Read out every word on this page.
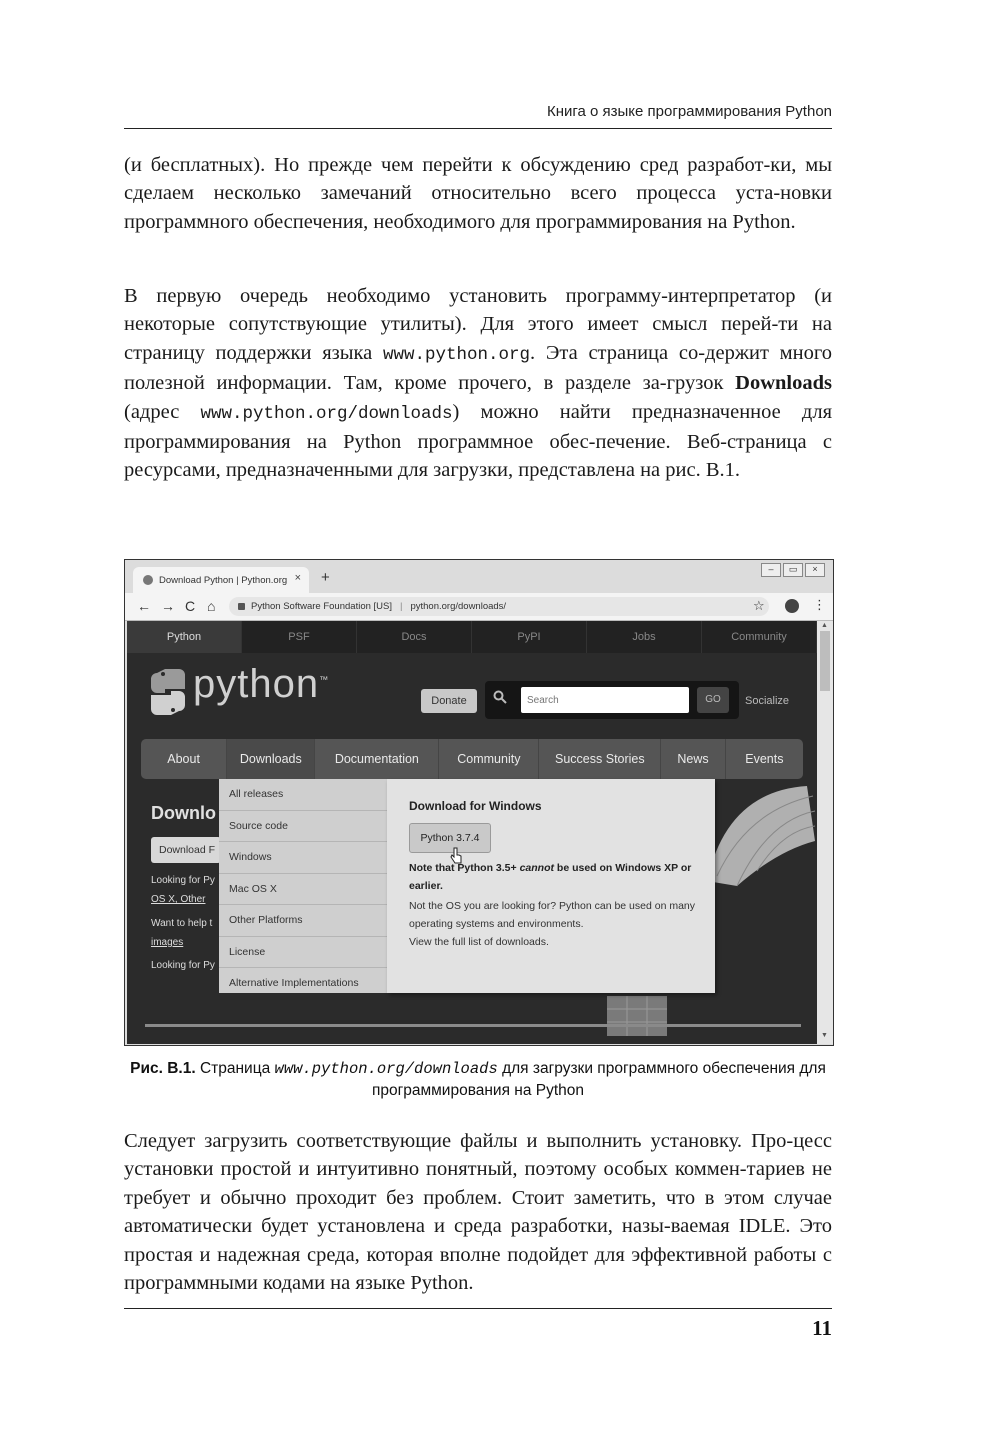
Книга о языке программирования Python

(и бесплатных). Но прежде чем перейти к обсуждению сред разработ-ки, мы сделаем несколько замечаний относительно всего процесса уста-новки программного обеспечения, необходимого для программирования на Python.

В первую очередь необходимо установить программу-интерпретатор (и некоторые сопутствующие утилиты). Для этого имеет смысл перей-ти на страницу поддержки языка www.python.org. Эта страница со-держит много полезной информации. Там, кроме прочего, в разделе за-грузок Downloads (адрес www.python.org/downloads) можно найти предназначенное для программирования на Python программное обес-печение. Веб-страница с ресурсами, предназначенными для загрузки, представлена на рис. В.1.

Download Python | Python.org × +	–	▭	×
← → C ⌂	Python Software Foundation [US] | python.org/downloads/	☆	⋮
Python	PSF	Docs	PyPI	Jobs	Community
python™
Donate
Search	GO	Socialize
About	Downloads	Documentation	Community	Success Stories	News	Events
Downlo
Download F
Looking for Py
OS X, Other
Want to help t
images
Looking for Py
All releases
Source code
Windows
Mac OS X
Other Platforms
License
Alternative Implementations
Download for Windows
Python 3.7.4
Note that Python 3.5+ cannot be used on Windows XP or earlier.
Not the OS you are looking for? Python can be used on many operating systems and environments.
View the full list of downloads.
▲
▼
Рис. В.1. Страница www.python.org/downloads для загрузки программного обеспечения для программирования на Python

Следует загрузить соответствующие файлы и выполнить установку. Про-цесс установки простой и интуитивно понятный, поэтому особых коммен-тариев не требует и обычно проходит без проблем. Стоит заметить, что в этом случае автоматически будет установлена и среда разработки, назы-ваемая IDLE. Это простая и надежная среда, которая вполне подойдет для эффективной работы с программными кодами на языке Python.

11
